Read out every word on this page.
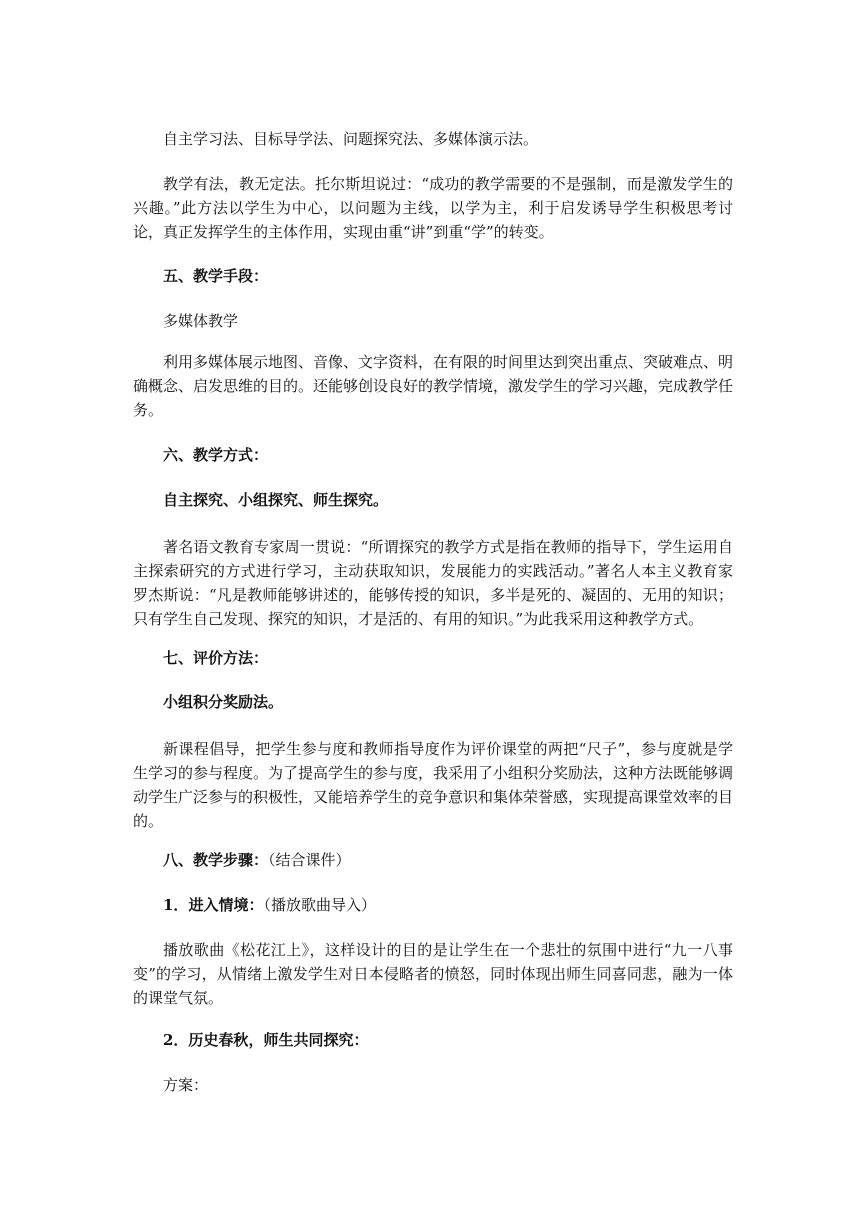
自主学习法、目标导学法、问题探究法、多媒体演示法。

教学有法，教无定法。托尔斯坦说过：“成功的教学需要的不是强制，而是激发学生的兴趣。”此方法以学生为中心，以问题为主线，以学为主，利于启发诱导学生积极思考讨论，真正发挥学生的主体作用，实现由重“讲”到重“学”的转变。

五、教学手段：

多媒体教学

利用多媒体展示地图、音像、文字资料，在有限的时间里达到突出重点、突破难点、明确概念、启发思维的目的。还能够创设良好的教学情境，激发学生的学习兴趣，完成教学任务。

六、教学方式：

自主探究、小组探究、师生探究。

著名语文教育专家周一贯说：“所谓探究的教学方式是指在教师的指导下，学生运用自主探索研究的方式进行学习，主动获取知识，发展能力的实践活动。”著名人本主义教育家罗杰斯说：“凡是教师能够讲述的，能够传授的知识，多半是死的、凝固的、无用的知识；只有学生自己发现、探究的知识，才是活的、有用的知识。”为此我采用这种教学方式。

七、评价方法：

小组积分奖励法。

新课程倡导，把学生参与度和教师指导度作为评价课堂的两把“尺子”，参与度就是学生学习的参与程度。为了提高学生的参与度，我采用了小组积分奖励法，这种方法既能够调动学生广泛参与的积极性，又能培养学生的竞争意识和集体荣誉感，实现提高课堂效率的目的。

八、教学步骤：（结合课件）

1．进入情境：（播放歌曲导入）

播放歌曲《松花江上》，这样设计的目的是让学生在一个悲壮的氛围中进行“九一八事变”的学习，从情绪上激发学生对日本侵略者的愤怒，同时体现出师生同喜同悲，融为一体的课堂气氛。

2．历史春秋，师生共同探究：

方案：
